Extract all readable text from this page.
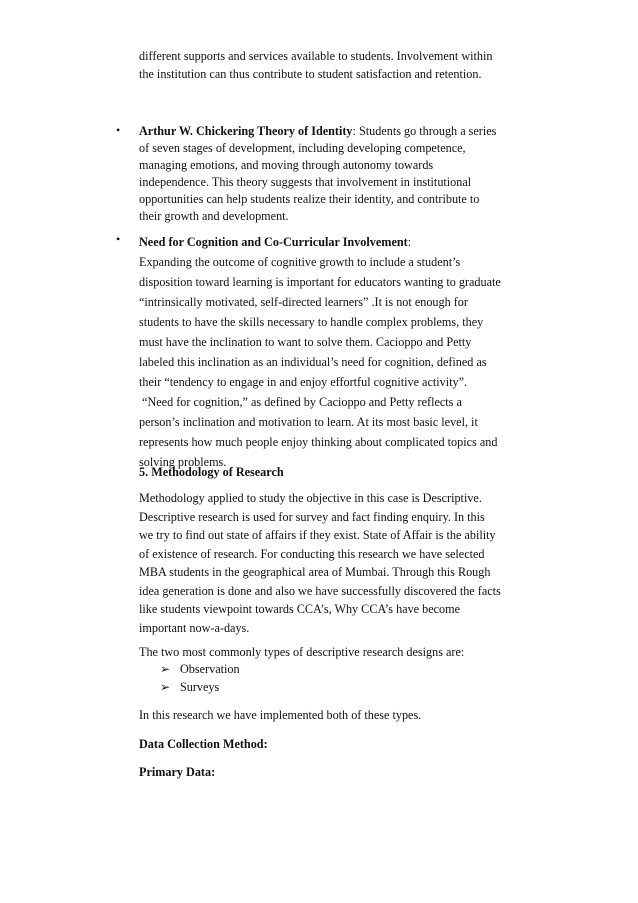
different supports and services available to students. Involvement within
the institution can thus contribute to student satisfaction and retention.
• Arthur W. Chickering Theory of Identity: Students go through a series
of seven stages of development, including developing competence,
managing emotions, and moving through autonomy towards
independence. This theory suggests that involvement in institutional
opportunities can help students realize their identity, and contribute to
their growth and development.
• Need for Cognition and Co-Curricular Involvement:
Expanding the outcome of cognitive growth to include a student’s
disposition toward learning is important for educators wanting to graduate
“intrinsically motivated, self-directed learners” .It is not enough for
students to have the skills necessary to handle complex problems, they
must have the inclination to want to solve them. Cacioppo and Petty
labeled this inclination as an individual’s need for cognition, defined as
their “tendency to engage in and enjoy effortful cognitive activity”.
“Need for cognition,” as defined by Cacioppo and Petty reflects a
person’s inclination and motivation to learn. At its most basic level, it
represents how much people enjoy thinking about complicated topics and
solving problems.
5. Methodology of Research
Methodology applied to study the objective in this case is Descriptive.
Descriptive research is used for survey and fact finding enquiry. In this
we try to find out state of affairs if they exist. State of Affair is the ability
of existence of research. For conducting this research we have selected
MBA students in the geographical area of Mumbai. Through this Rough
idea generation is done and also we have successfully discovered the facts
like students viewpoint towards CCA’s, Why CCA’s have become
important now-a-days.
The two most commonly types of descriptive research designs are:
➢ Observation
➢ Surveys
In this research we have implemented both of these types.
Data Collection Method:
Primary Data:
